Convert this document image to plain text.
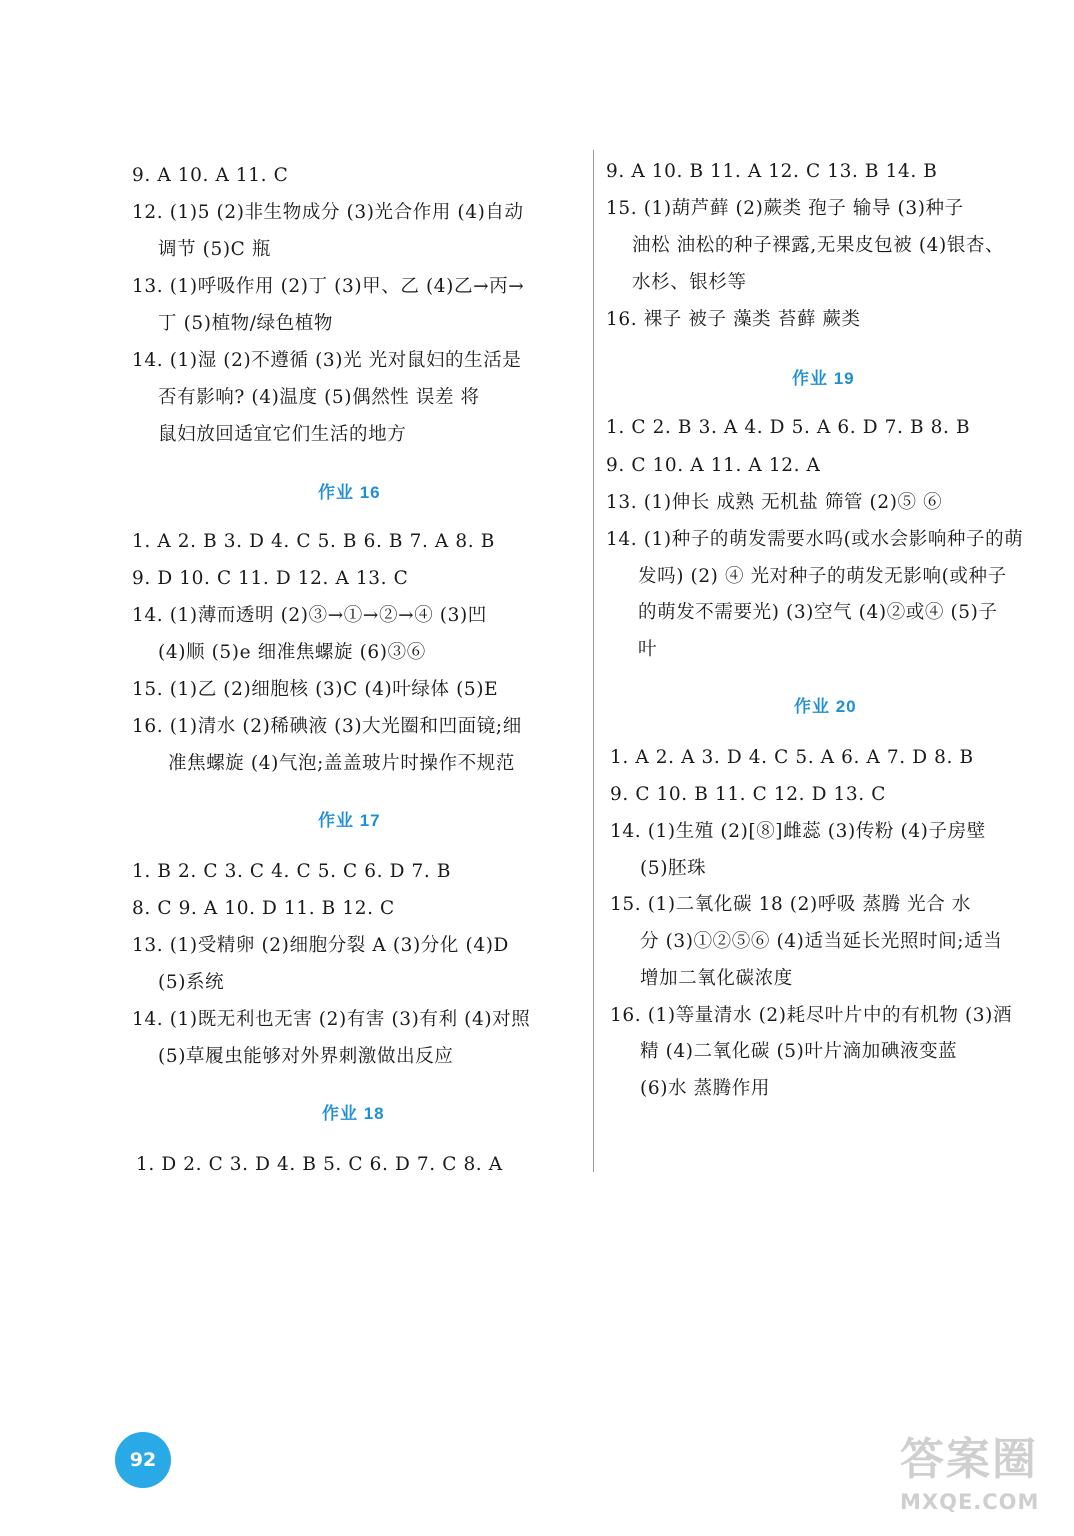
9. A 10. A 11. C
12. (1)5 (2)非生物成分 (3)光合作用 (4)自动
调节 (5)C 瓶
13. (1)呼吸作用 (2)丁 (3)甲、乙 (4)乙→丙→
丁 (5)植物/绿色植物
14. (1)湿 (2)不遵循 (3)光 光对鼠妇的生活是
否有影响? (4)温度 (5)偶然性 误差 将
鼠妇放回适宜它们生活的地方
作业 16
1. A 2. B 3. D 4. C 5. B 6. B 7. A 8. B
9. D 10. C 11. D 12. A 13. C
14. (1)薄而透明 (2)③→①→②→④ (3)凹
(4)顺 (5)e 细准焦螺旋 (6)③⑥
15. (1)乙 (2)细胞核 (3)C (4)叶绿体 (5)E
16. (1)清水 (2)稀碘液 (3)大光圈和凹面镜;细
准焦螺旋 (4)气泡;盖盖玻片时操作不规范
作业 17
1. B 2. C 3. C 4. C 5. C 6. D 7. B
8. C 9. A 10. D 11. B 12. C
13. (1)受精卵 (2)细胞分裂 A (3)分化 (4)D
(5)系统
14. (1)既无利也无害 (2)有害 (3)有利 (4)对照
(5)草履虫能够对外界刺激做出反应
作业 18
1. D 2. C 3. D 4. B 5. C 6. D 7. C 8. A
9. A 10. B 11. A 12. C 13. B 14. B
15. (1)葫芦藓 (2)蕨类 孢子 输导 (3)种子
油松 油松的种子裸露,无果皮包被 (4)银杏、
水杉、银杉等
16. 裸子 被子 藻类 苔藓 蕨类
作业 19
1. C 2. B 3. A 4. D 5. A 6. D 7. B 8. B
9. C 10. A 11. A 12. A
13. (1)伸长 成熟 无机盐 筛管 (2)⑤ ⑥
14. (1)种子的萌发需要水吗(或水会影响种子的萌
发吗) (2) ④ 光对种子的萌发无影响(或种子
的萌发不需要光) (3)空气 (4)②或④ (5)子
叶
作业 20
1. A 2. A 3. D 4. C 5. A 6. A 7. D 8. B
9. C 10. B 11. C 12. D 13. C
14. (1)生殖 (2)[⑧]雌蕊 (3)传粉 (4)子房壁
(5)胚珠
15. (1)二氧化碳 18 (2)呼吸 蒸腾 光合 水
分 (3)①②⑤⑥ (4)适当延长光照时间;适当
增加二氧化碳浓度
16. (1)等量清水 (2)耗尽叶片中的有机物 (3)酒
精 (4)二氧化碳 (5)叶片滴加碘液变蓝
(6)水 蒸腾作用
92	答案圈
MXQE.COM
